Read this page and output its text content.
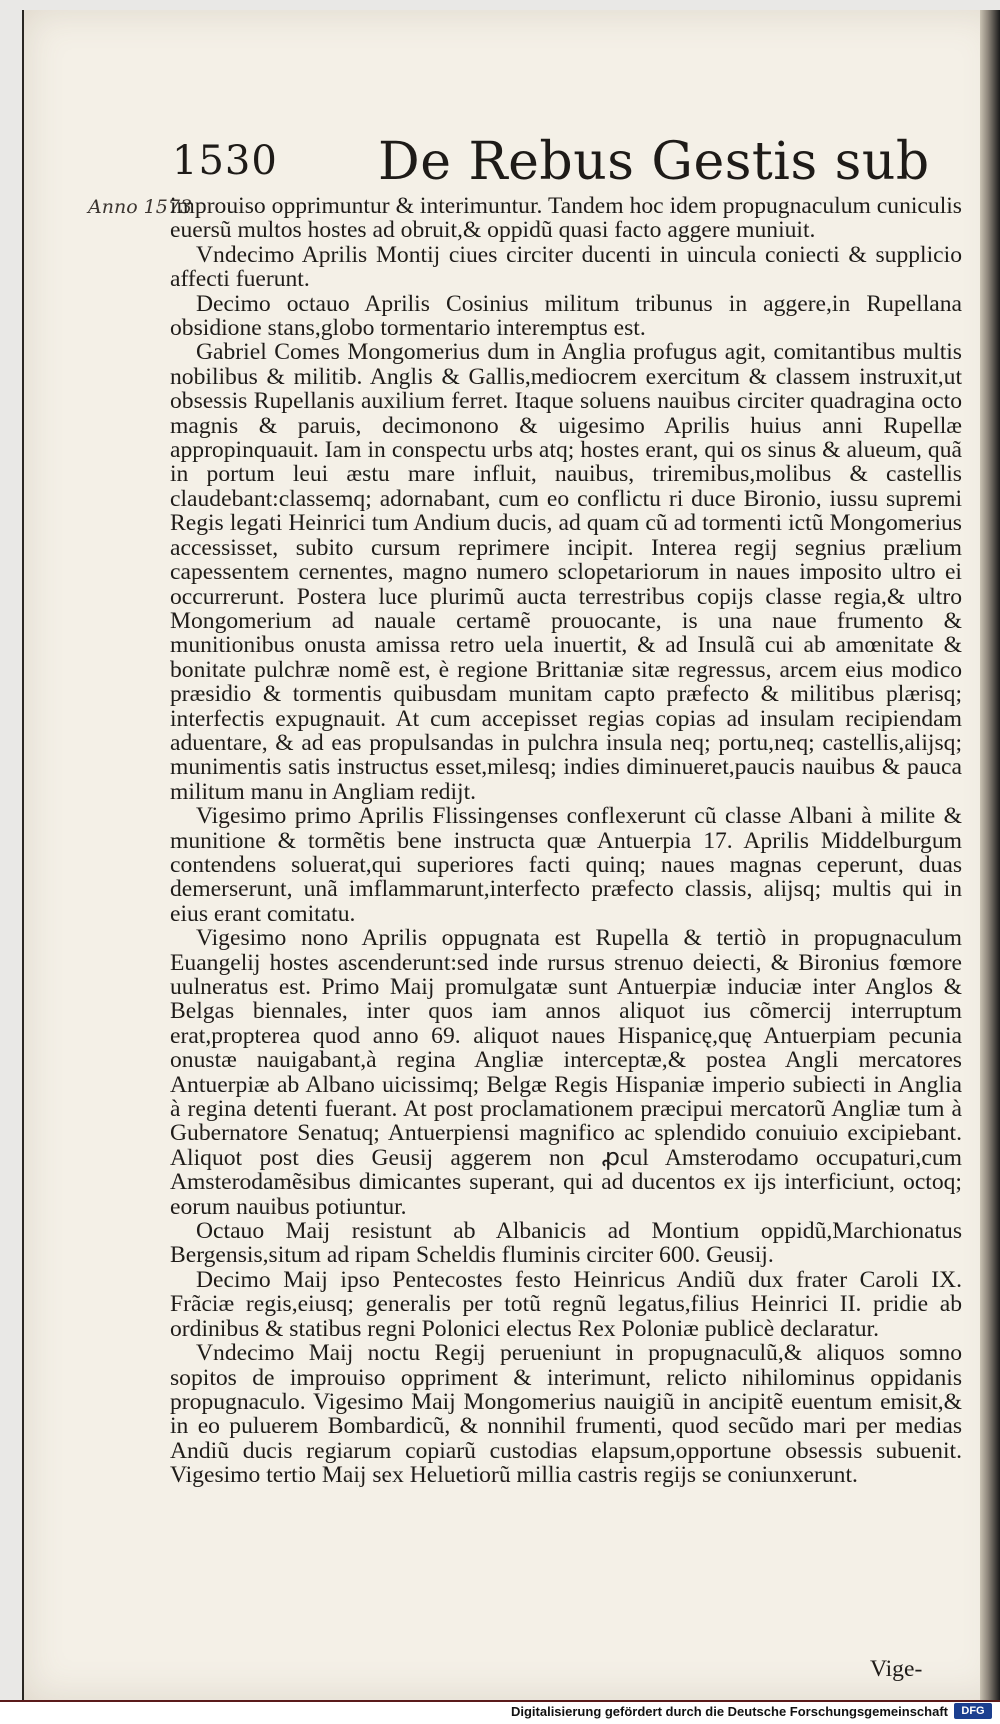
1530 De Rebus Gestis sub
Anno 1573

improuiso opprimuntur & interimuntur. Tandem hoc idem propugnaculum cuniculis euersũ multos hostes ad obruit,& oppidũ quasi facto aggere muniuit.

Vndecimo Aprilis Montij ciues circiter ducenti in uincula coniecti & supplicio affecti fuerunt.

Decimo octauo Aprilis Cosinius militum tribunus in aggere,in Rupellana obsidione stans,globo tormentario interemptus est.

Gabriel Comes Mongomerius dum in Anglia profugus agit, comitantibus multis nobilibus & militib. Anglis & Gallis,mediocrem exercitum & classem instruxit,ut obsessis Rupellanis auxilium ferret. Itaque soluens nauibus circiter quadragina octo magnis & paruis, decimonono & uigesimo Aprilis huius anni Rupellæ appropinquauit. Iam in conspectu urbs atq; hostes erant, qui os sinus & alueum, quã in portum leui æstu mare influit, nauibus, triremibus,molibus & castellis claudebant:classemq; adornabant, cum eo conflictu ri duce Bironio, iussu supremi Regis legati Heinrici tum Andium ducis, ad quam cũ ad tormenti ictũ Mongomerius accessisset, subito cursum reprimere incipit. Interea regij segnius prælium capessentem cernentes, magno numero sclopetariorum in naues imposito ultro ei occurrerunt. Postera luce plurimũ aucta terrestribus copijs classe regia,& ultro Mongomerium ad nauale certamẽ prouocante, is una naue frumento & munitionibus onusta amissa retro uela inuertit, & ad Insulã cui ab amœnitate & bonitate pulchræ nomẽ est, è regione Brittaniæ sitæ regressus, arcem eius modico præsidio & tormentis quibusdam munitam capto præfecto & militibus plærisq; interfectis expugnauit. At cum accepisset regias copias ad insulam recipiendam aduentare, & ad eas propulsandas in pulchra insula neq; portu,neq; castellis,alijsq; munimentis satis instructus esset,milesq; indies diminueret,paucis nauibus & pauca militum manu in Angliam redijt.

Vigesimo primo Aprilis Flissingenses conflexerunt cũ classe Albani à milite & munitione & tormẽtis bene instructa quæ Antuerpia 17. Aprilis Middelburgum contendens soluerat,qui superiores facti quinq; naues magnas ceperunt, duas demerserunt, unã imflammarunt,interfecto præfecto classis, alijsq; multis qui in eius erant comitatu.

Vigesimo nono Aprilis oppugnata est Rupella & tertiò in propugnaculum Euangelij hostes ascenderunt:sed inde rursus strenuo deiecti, & Bironius fœmore uulneratus est. Primo Maij promulgatæ sunt Antuerpiæ induciæ inter Anglos & Belgas biennales, inter quos iam annos aliquot ius cõmercij interruptum erat,propterea quod anno 69. aliquot naues Hispanicę,quę Antuerpiam pecunia onustæ nauigabant,à regina Angliæ interceptæ,& postea Angli mercatores Antuerpiæ ab Albano uicissimq; Belgæ Regis Hispaniæ imperio subiecti in Anglia à regina detenti fuerant. At post proclamationem præcipui mercatorũ Angliæ tum à Gubernatore Senatuq; Antuerpiensi magnifico ac splendido conuiuio excipiebant. Aliquot post dies Geusij aggerem non ꝓcul Amsterodamo occupaturi,cum Amsterodamẽsibus dimicantes superant, qui ad ducentos ex ijs interficiunt, octoq; eorum nauibus potiuntur.

Octauo Maij resistunt ab Albanicis ad Montium oppidũ,Marchionatus Bergensis,situm ad ripam Scheldis fluminis circiter 600. Geusij.

Decimo Maij ipso Pentecostes festo Heinricus Andiũ dux frater Caroli IX. Frãciæ regis,eiusq; generalis per totũ regnũ legatus,filius Heinrici II. pridie ab ordinibus & statibus regni Polonici electus Rex Poloniæ publicè declaratur.

Vndecimo Maij noctu Regij perueniunt in propugnaculũ,& aliquos somno sopitos de improuiso oppriment & interimunt, relicto nihilominus oppidanis propugnaculo. Vigesimo Maij Mongomerius nauigiũ in ancipitẽ euentum emisit,& in eo puluerem Bombardicũ, & nonnihil frumenti, quod secũdo mari per medias Andiũ ducis regiarum copiarũ custodias elapsum,opportune obsessis subuenit. Vigesimo tertio Maij sex Heluetiorũ millia castris regijs se coniunxerunt.

Vige-
Digitalisierung gefördert durch die Deutsche Forschungsgemeinschaft	DFG
